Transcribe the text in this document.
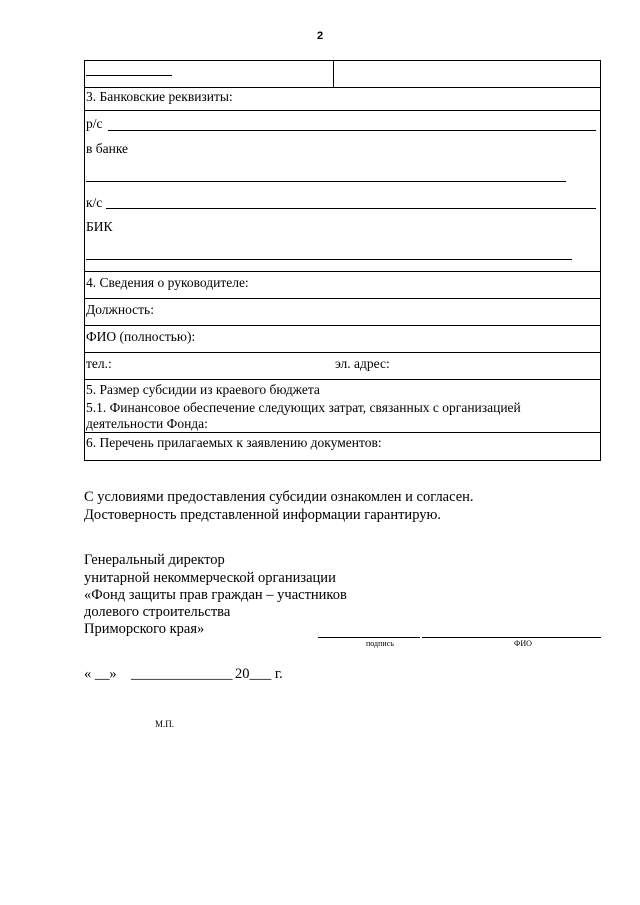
2
3. Банковские реквизиты:
р/с
в банке
к/с
БИК
4. Сведения о руководителе:
Должность:
ФИО (полностью):
тел.:	эл. адрес:
5. Размер субсидии из краевого бюджета
5.1. Финансовое обеспечение следующих затрат, связанных с организацией
деятельности Фонда:
6. Перечень прилагаемых к заявлению документов:
С условиями предоставления субсидии ознакомлен и согласен.
Достоверность представленной информации гарантирую.
Генеральный директор
унитарной некоммерческой организации
«Фонд защиты прав граждан – участников
долевого строительства
Приморского края»
подпись	ФИО
« __» ______________ 20___ г.
М.П.
